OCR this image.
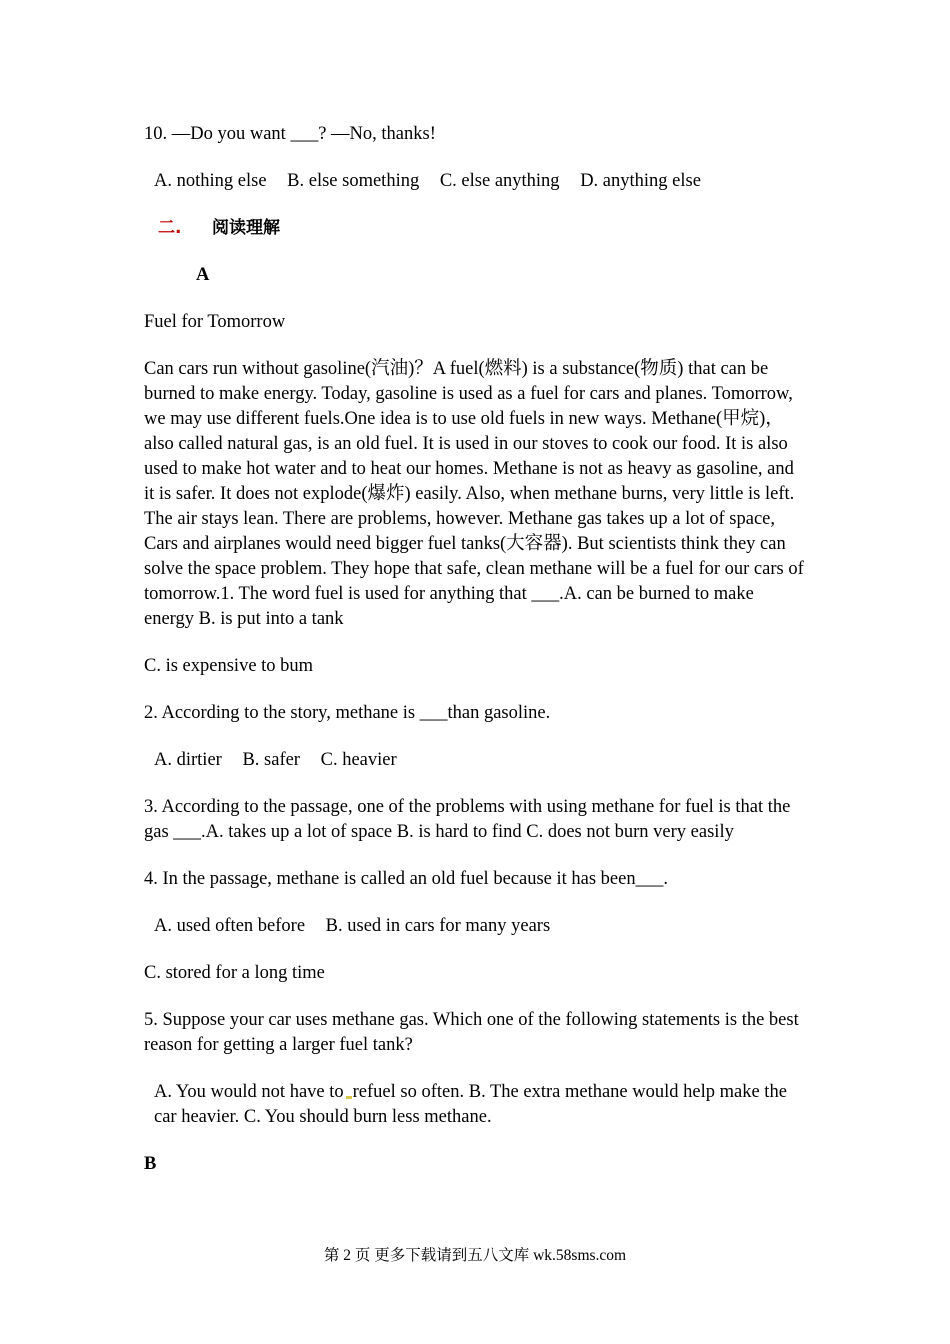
10. —Do you want ___? —No, thanks!
A. nothing else B. else something C. else anything D. anything else
二. 阅读理解
A
Fuel for Tomorrow

Can cars run without gasoline(汽油)？A fuel(燃料) is a substance(物质) that can be burned to make energy. Today, gasoline is used as a fuel for cars and planes. Tomorrow, we may use different fuels.One idea is to use old fuels in new ways. Methane(甲烷)，also called natural gas, is an old fuel. It is used in our stoves to cook our food. It is also used to make hot water and to heat our homes. Methane is not as heavy as gasoline, and it is safer. It does not explode(爆炸) easily. Also, when methane burns, very little is left. The air stays lean. There are problems, however. Methane gas takes up a lot of space, Cars and airplanes would need bigger fuel tanks(大容器). But scientists think they can solve the space problem. They hope that safe, clean methane will be a fuel for our cars of tomorrow.1. The word fuel is used for anything that ___.A. can be burned to make energy B. is put into a tank

C. is expensive to bum
2. According to the story, methane is ___than gasoline.
A. dirtier B. safer C. heavier

3. According to the passage, one of the problems with using methane for fuel is that the gas ___.A. takes up a lot of space B. is hard to find C. does not burn very easily

4. In the passage, methane is called an old fuel because it has been___.
A. used often before B. used in cars for many years
C. stored for a long time

5. Suppose your car uses methane gas. Which one of the following statements is the best reason for getting a larger fuel tank?

A. You would not have to refuel so often. B. The extra methane would help make the car heavier. C. You should burn less methane.

B
第 2 页 更多下载请到五八文库 wk.58sms.com
